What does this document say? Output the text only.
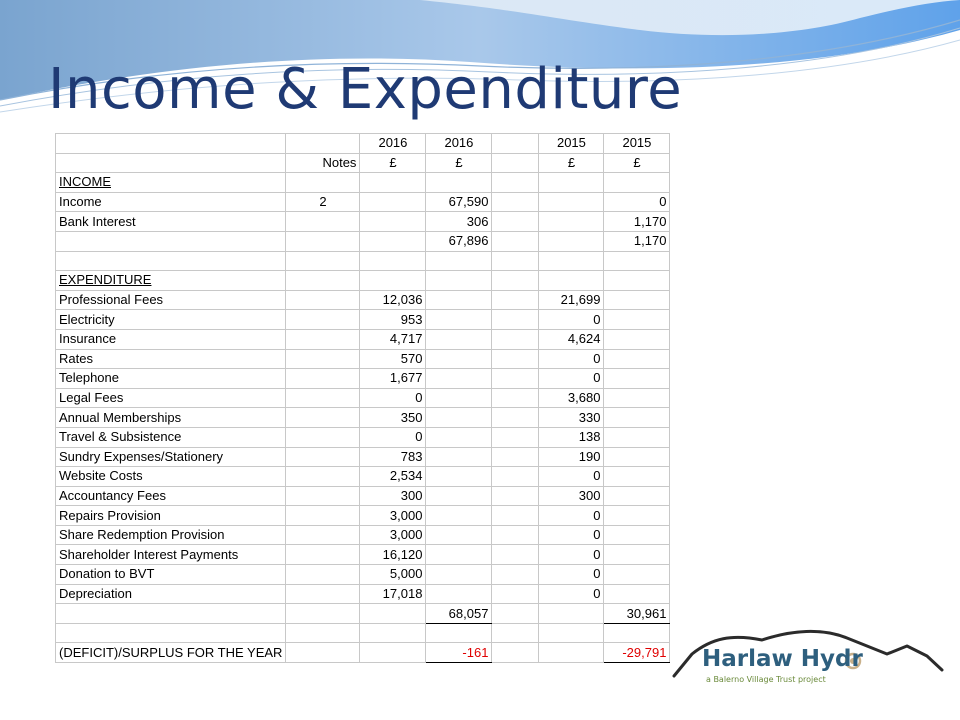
Income & Expenditure
		2016	2016		2015	2015
	Notes	£	£		£	£
INCOME						
Income	2		67,590			0
Bank Interest			306			1,170
			67,896			1,170

EXPENDITURE						
Professional Fees		12,036			21,699	
Electricity		953			0	
Insurance		4,717			4,624	
Rates		570			0	
Telephone		1,677			0	
Legal Fees		0			3,680	
Annual Memberships		350			330	
Travel & Subsistence		0			138	
Sundry Expenses/Stationery		783			190	
Website Costs		2,534			0	
Accountancy Fees		300			300	
Repairs Provision		3,000			0	
Share Redemption Provision		3,000			0	
Shareholder Interest Payments		16,120			0	
Donation to BVT		5,000			0	
Depreciation		17,018			0	
			68,057			30,961

(DEFICIT)/SURPLUS FOR THE YEAR			-161			-29,791 Harlaw Hydr
a Balerno Village Trust project
